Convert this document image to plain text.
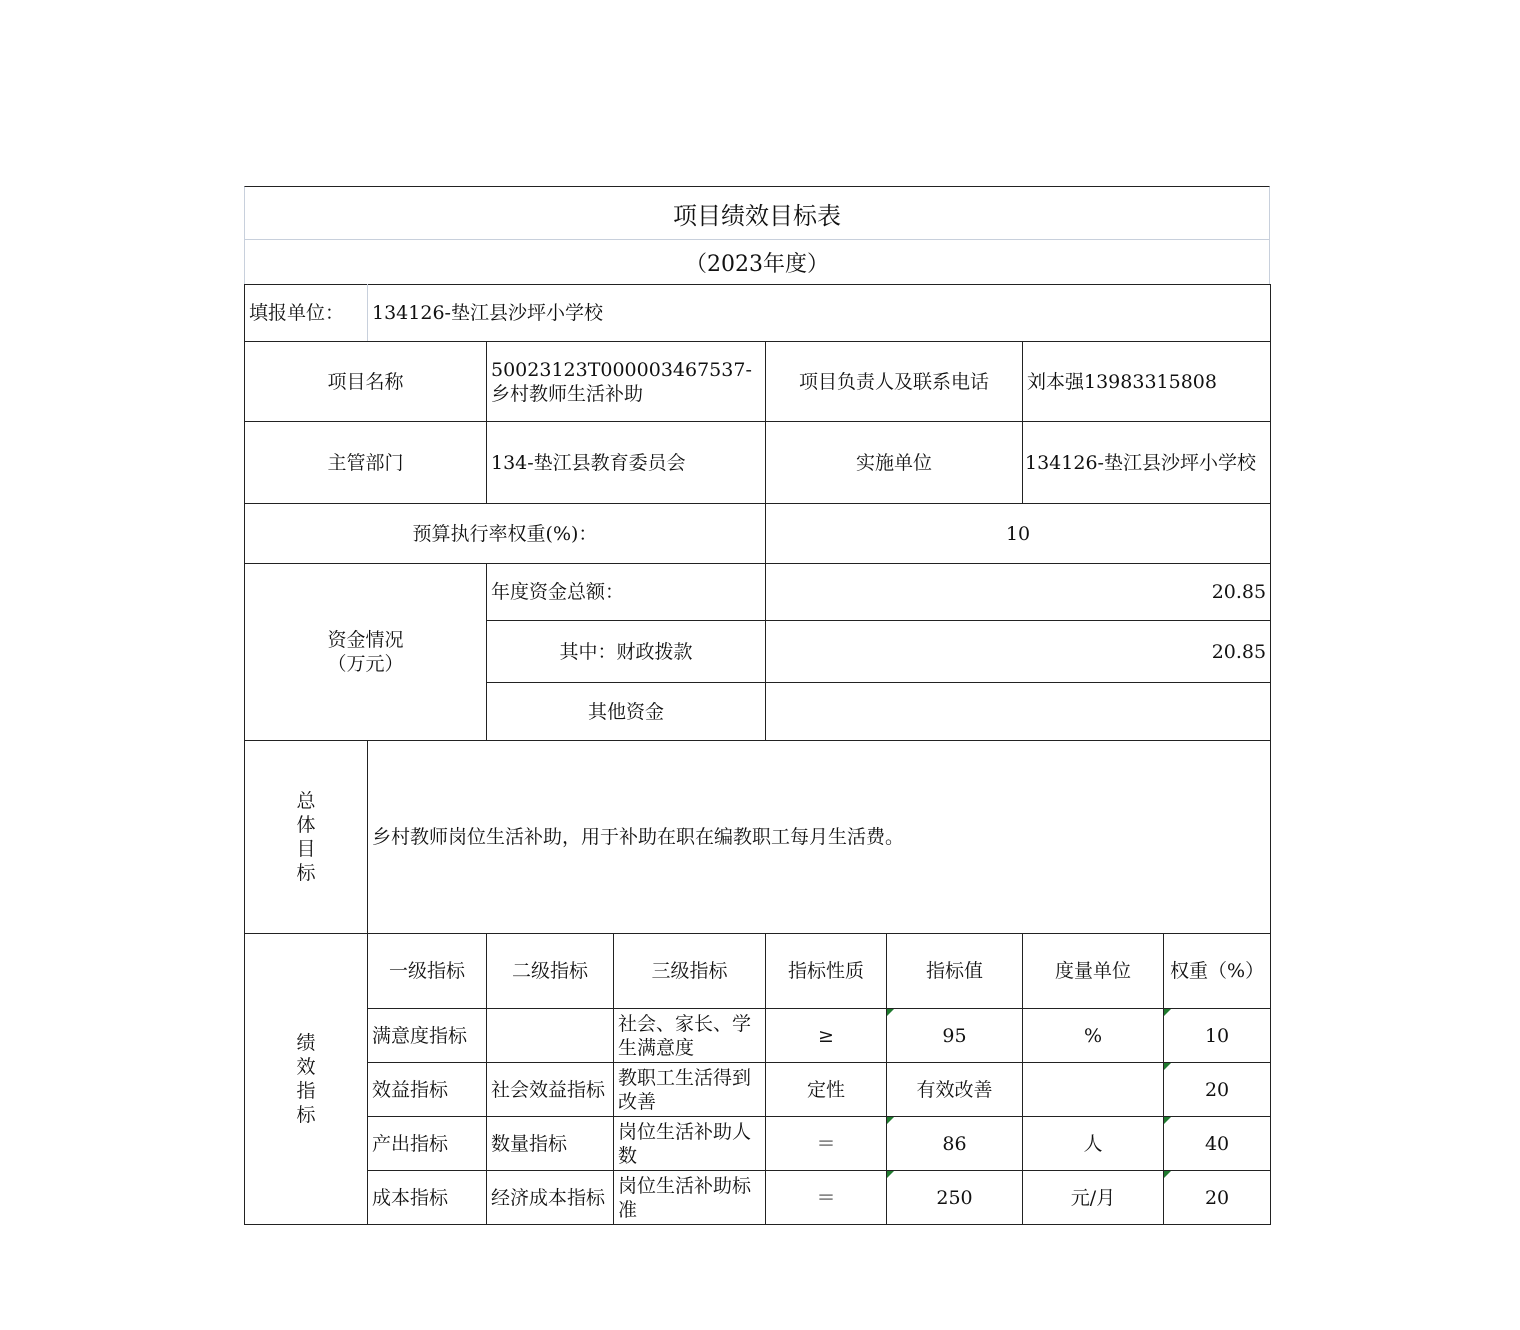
项目绩效目标表
（2023年度）
填报单位：	134126-垫江县沙坪小学校						
项目名称		50023123T000003467537-乡村教师生活补助		项目负责人及联系电话		刘本强13983315808	
主管部门		134-垫江县教育委员会		实施单位		134126-垫江县沙坪小学校	
预算执行率权重(%)：				10			
资金情况
（万元）		年度资金总额：		20.85			
		其中：财政拨款		20.85			
		其他资金					
总
体
目
标	乡村教师岗位生活补助，用于补助在职在编教职工每月生活费。						
绩
效
指
标	一级指标	二级指标	三级指标	指标性质	指标值	度量单位	权重（%）
	满意度指标		社会、家长、学生满意度	≥	95	%	10
	效益指标	社会效益指标	教职工生活得到改善	定性	有效改善		20
	产出指标	数量指标	岗位生活补助人数	＝	86	人	40
	成本指标	经济成本指标	岗位生活补助标准	＝	250	元/月	20
